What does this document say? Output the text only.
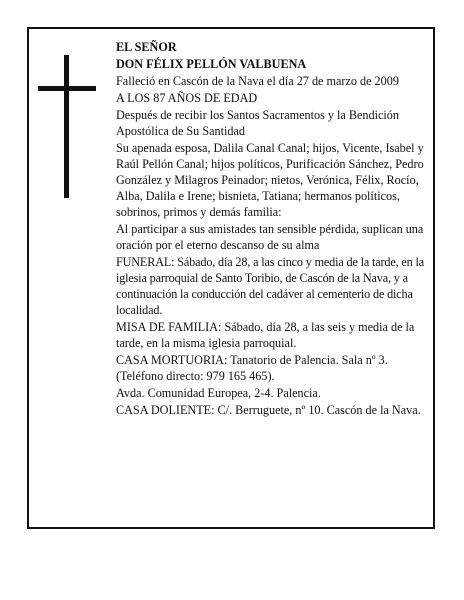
EL SEÑOR

DON FÉLIX PELLÓN VALBUENA

Falleció en Cascón de la Nava el día 27 de marzo de 2009

A LOS 87 AÑOS DE EDAD

Después de recibir los Santos Sacramentos y la Bendición Apostólica de Su Santidad

Su apenada esposa, Dalila Canal Canal; hijos, Vicente, Isabel y Raúl Pellón Canal; hijos políticos, Purificación Sánchez, Pedro González y Milagros Peinador; nietos, Verónica, Félix, Rocío, Alba, Dalila e Irene; bisnieta, Tatiana; hermanos políticos, sobrinos, primos y demás familia:

Al participar a sus amistades tan sensible pérdida, suplican una oración por el eterno descanso de su alma

FUNERAL: Sábado, día 28, a las cinco y media de la tarde, en la iglesia parroquial de Santo Toribio, de Cascón de la Nava, y a continuación la conducción del cadáver al cementerio de dicha localidad.

MISA DE FAMILIA: Sábado, día 28, a las seis y media de la tarde, en la misma iglesia parroquial.

CASA MORTUORIA: Tanatorio de Palencia. Sala nº 3. (Teléfono directo: 979 165 465).

Avda. Comunidad Europea, 2-4. Palencia.

CASA DOLIENTE: C/. Berruguete, nº 10. Cascón de la Nava.
